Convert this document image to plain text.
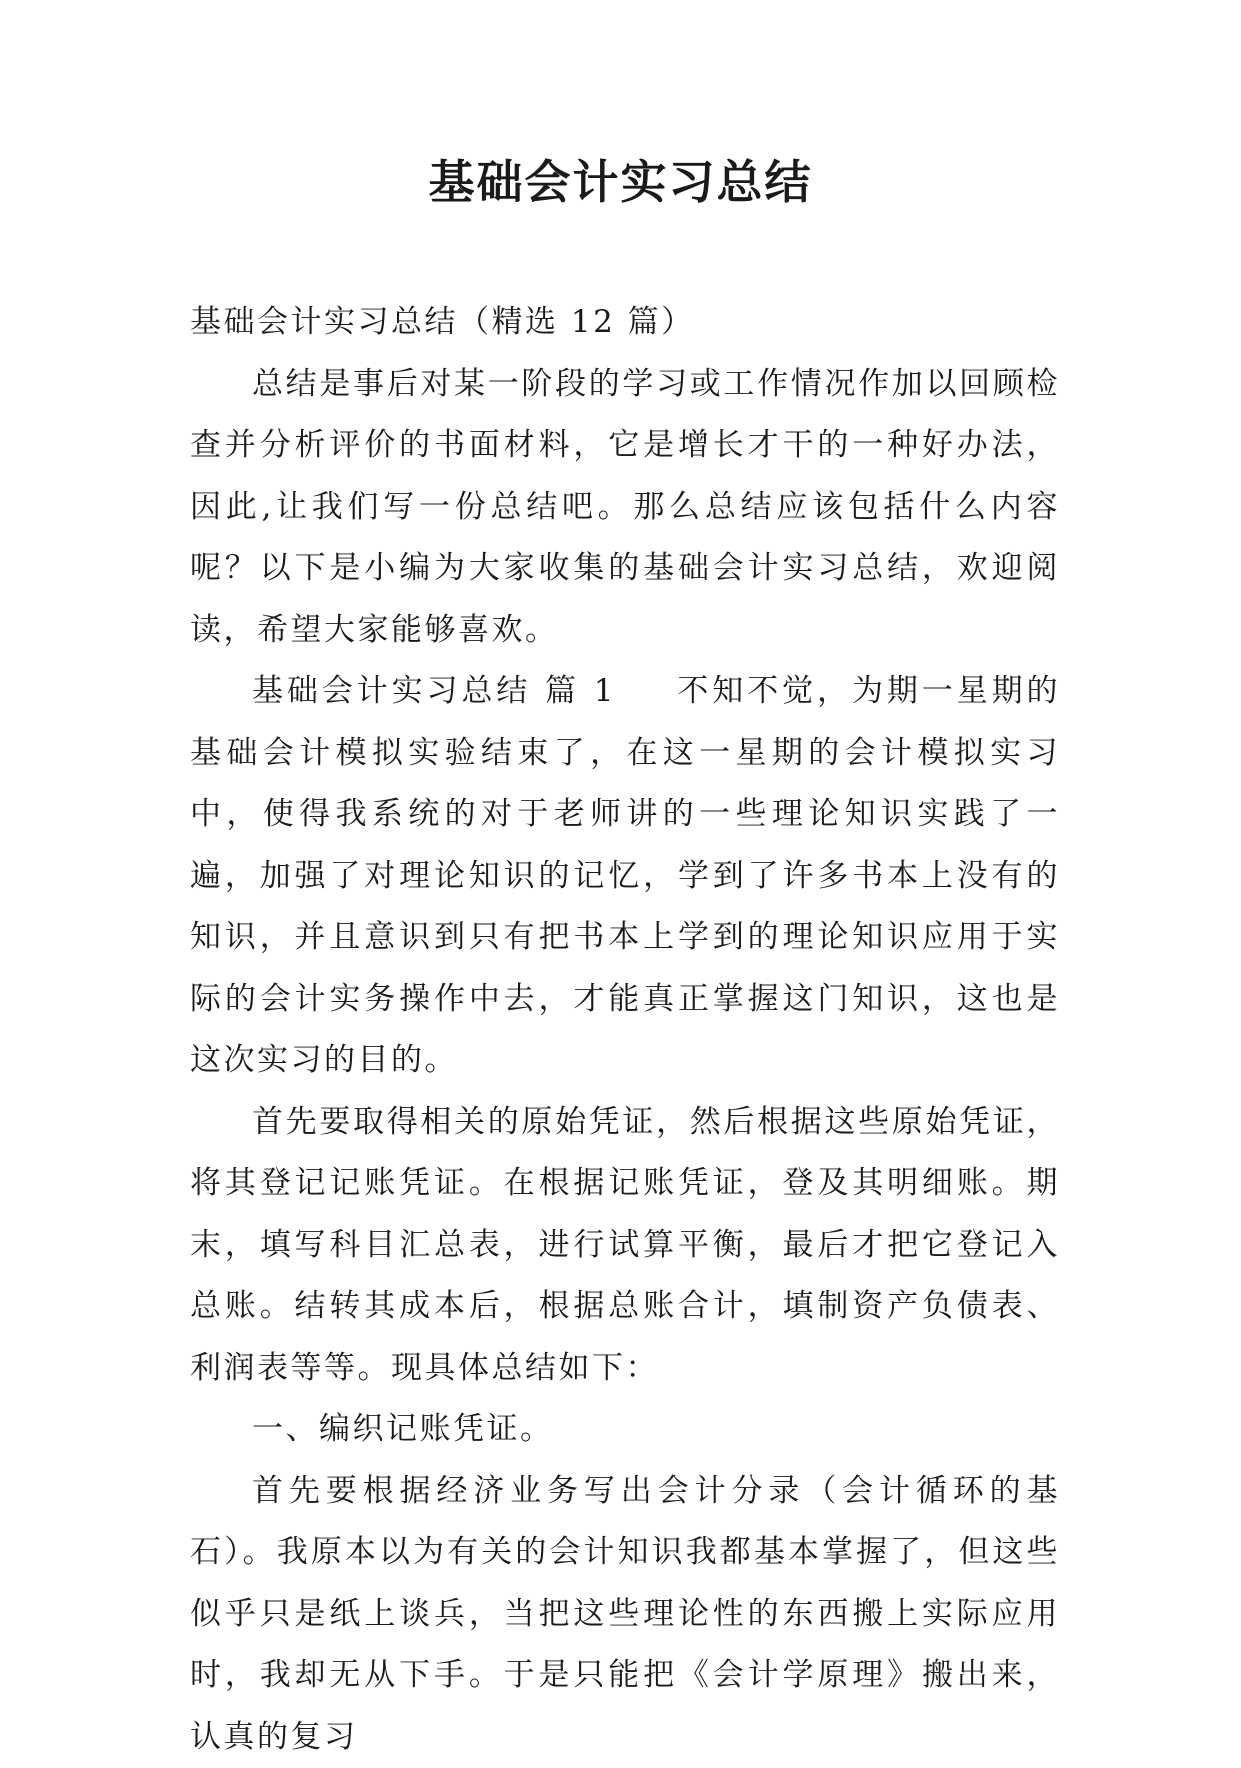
基础会计实习总结

基础会计实习总结（精选 12 篇）

总结是事后对某一阶段的学习或工作情况作加以回顾检查并分析评价的书面材料，它是增长才干的一种好办法，因此,让我们写一份总结吧。那么总结应该包括什么内容呢？以下是小编为大家收集的基础会计实习总结，欢迎阅读，希望大家能够喜欢。

基础会计实习总结 篇 1 不知不觉，为期一星期的基础会计模拟实验结束了，在这一星期的会计模拟实习中，使得我系统的对于老师讲的一些理论知识实践了一遍，加强了对理论知识的记忆，学到了许多书本上没有的知识，并且意识到只有把书本上学到的理论知识应用于实际的会计实务操作中去，才能真正掌握这门知识，这也是这次实习的目的。

首先要取得相关的原始凭证，然后根据这些原始凭证，将其登记记账凭证。在根据记账凭证，登及其明细账。期末，填写科目汇总表，进行试算平衡，最后才把它登记入总账。结转其成本后，根据总账合计，填制资产负债表、利润表等等。现具体总结如下：

一、编织记账凭证。

首先要根据经济业务写出会计分录（会计循环的基石）。我原本以为有关的会计知识我都基本掌握了，但这些似乎只是纸上谈兵，当把这些理论性的东西搬上实际应用时，我却无从下手。于是只能把《会计学原理》搬出来，认真的复习
